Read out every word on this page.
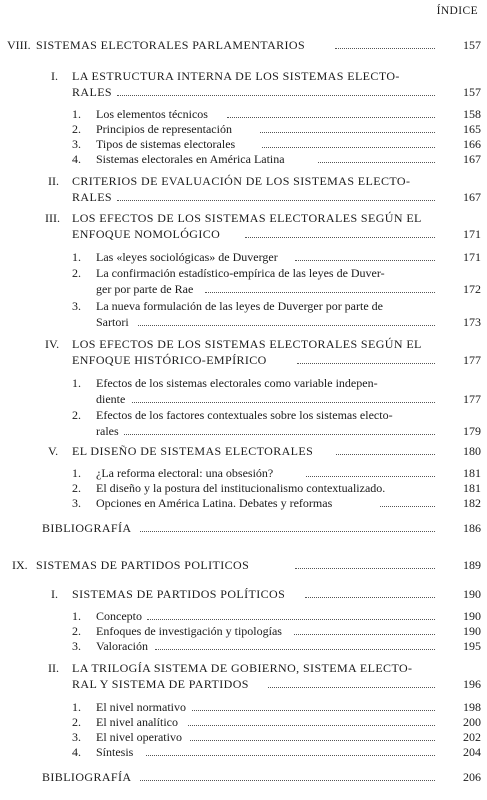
ÍNDICE
VIII. SISTEMAS ELECTORALES PARLAMENTARIOS	157
I. LA ESTRUCTURA INTERNA DE LOS SISTEMAS ELECTO-
RALES	157
1. Los elementos técnicos	158
2. Principios de representación	165
3. Tipos de sistemas electorales	166
4. Sistemas electorales en América Latina	167
II. CRITERIOS DE EVALUACIÓN DE LOS SISTEMAS ELECTO-
RALES	167
III. LOS EFECTOS DE LOS SISTEMAS ELECTORALES SEGÚN EL
ENFOQUE NOMOLÓGICO	171
1. Las «leyes sociológicas» de Duverger	171
2. La confirmación estadístico-empírica de las leyes de Duver-
ger por parte de Rae	172
3. La nueva formulación de las leyes de Duverger por parte de
Sartori	173
IV. LOS EFECTOS DE LOS SISTEMAS ELECTORALES SEGÚN EL
ENFOQUE HISTÓRICO-EMPÍRICO	177
1. Efectos de los sistemas electorales como variable indepen-
diente	177
2. Efectos de los factores contextuales sobre los sistemas electo-
rales	179
V. EL DISEÑO DE SISTEMAS ELECTORALES	180
1. ¿La reforma electoral: una obsesión?	181
2. El diseño y la postura del institucionalismo contextualizado.	181
3. Opciones en América Latina. Debates y reformas	182
BIBLIOGRAFÍA	186
IX. SISTEMAS DE PARTIDOS POLITICOS	189
I. SISTEMAS DE PARTIDOS POLÍTICOS	190
1. Concepto	190
2. Enfoques de investigación y tipologías	190
3. Valoración	195
II. LA TRILOGÍA SISTEMA DE GOBIERNO, SISTEMA ELECTO-
RAL Y SISTEMA DE PARTIDOS	196
1. El nivel normativo	198
2. El nivel analítico	200
3. El nivel operativo	202
4. Síntesis	204
BIBLIOGRAFÍA	206
